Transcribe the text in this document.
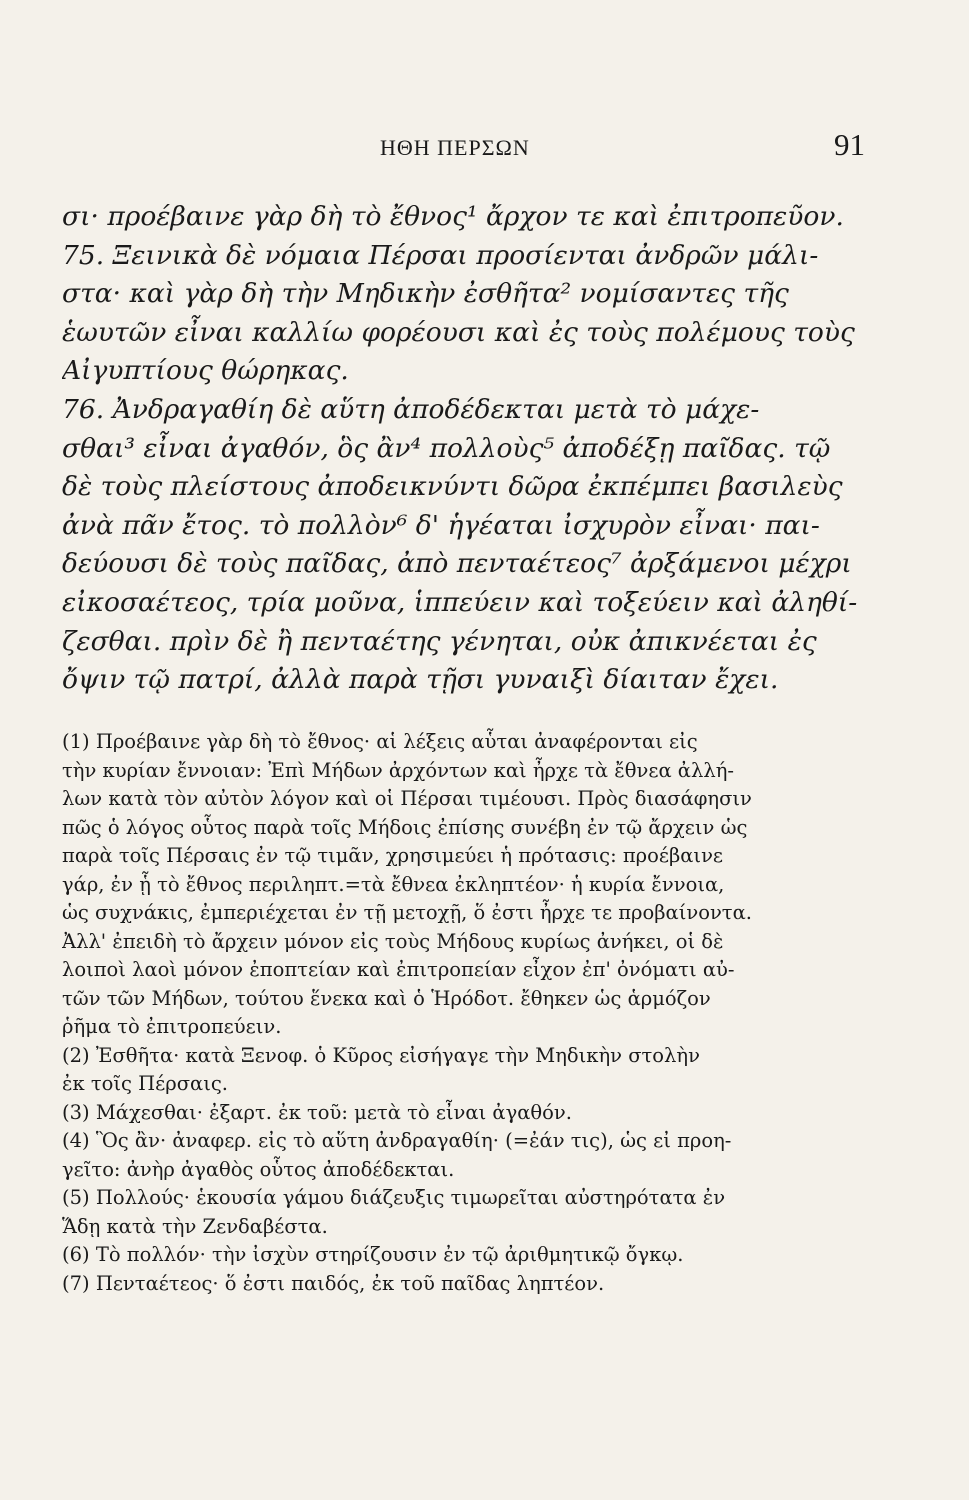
ΗΘΗ ΠΕΡΣΩΝ	91
σι· προέβαινε γὰρ δὴ τὸ ἔθνος¹ ἄρχον τε καὶ ἐπιτροπεῦον.
75. Ξεινικὰ δὲ νόμαια Πέρσαι προσίενται ἀνδρῶν μάλι-
στα· καὶ γὰρ δὴ τὴν Μηδικὴν ἐσθῆτα² νομίσαντες τῆς
ἑωυτῶν εἶναι καλλίω φορέουσι καὶ ἐς τοὺς πολέμους τοὺς
Αἰγυπτίους θώρηκας.
76. Ἀνδραγαθίη δὲ αὕτη ἀποδέδεκται μετὰ τὸ μάχε-
σθαι³ εἶναι ἀγαθόν, ὃς ἂν⁴ πολλοὺς⁵ ἀποδέξῃ παῖδας. τῷ
δὲ τοὺς πλείστους ἀποδεικνύντι δῶρα ἐκπέμπει βασιλεὺς
ἀνὰ πᾶν ἔτος. τὸ πολλὸν⁶ δ' ἡγέαται ἰσχυρὸν εἶναι· παι-
δεύουσι δὲ τοὺς παῖδας, ἀπὸ πενταέτεος⁷ ἀρξάμενοι μέχρι
εἰκοσαέτεος, τρία μοῦνα, ἱππεύειν καὶ τοξεύειν καὶ ἀληθί-
ζεσθαι. πρὶν δὲ ἢ πενταέτης γένηται, οὐκ ἀπικνέεται ἐς
ὄψιν τῷ πατρί, ἀλλὰ παρὰ τῇσι γυναιξὶ δίαιταν ἔχει.
(1) Προέβαινε γὰρ δὴ τὸ ἔθνος· αἱ λέξεις αὗται ἀναφέρονται εἰς
τὴν κυρίαν ἔννοιαν: Ἐπὶ Μήδων ἀρχόντων καὶ ἦρχε τὰ ἔθνεα ἀλλή-
λων κατὰ τὸν αὐτὸν λόγον καὶ οἱ Πέρσαι τιμέουσι. Πρὸς διασάφησιν
πῶς ὁ λόγος οὗτος παρὰ τοῖς Μήδοις ἐπίσης συνέβη ἐν τῷ ἄρχειν ὡς
παρὰ τοῖς Πέρσαις ἐν τῷ τιμᾶν, χρησιμεύει ἡ πρότασις: προέβαινε
γάρ, ἐν ᾗ τὸ ἔθνος περιληπτ.=τὰ ἔθνεα ἐκληπτέον· ἡ κυρία ἔννοια,
ὡς συχνάκις, ἐμπεριέχεται ἐν τῇ μετοχῇ, ὅ ἐστι ἦρχε τε προβαίνοντα.
Ἀλλ' ἐπειδὴ τὸ ἄρχειν μόνον εἰς τοὺς Μήδους κυρίως ἀνήκει, οἱ δὲ
λοιποὶ λαοὶ μόνον ἐποπτείαν καὶ ἐπιτροπείαν εἶχον ἐπ' ὀνόματι αὐ-
τῶν τῶν Μήδων, τούτου ἕνεκα καὶ ὁ Ἡρόδοτ. ἔθηκεν ὡς ἁρμόζον
ῥῆμα τὸ ἐπιτροπεύειν.
(2) Ἐσθῆτα· κατὰ Ξενοφ. ὁ Κῦρος εἰσήγαγε τὴν Μηδικὴν στολὴν
ἐκ τοῖς Πέρσαις.
(3) Μάχεσθαι· ἐξαρτ. ἐκ τοῦ: μετὰ τὸ εἶναι ἀγαθόν.
(4) Ὃς ἂν· ἀναφερ. εἰς τὸ αὕτη ἀνδραγαθίη· (=ἐάν τις), ὡς εἰ προη-
γεῖτο: ἀνὴρ ἀγαθὸς οὗτος ἀποδέδεκται.
(5) Πολλούς· ἑκουσία γάμου διάζευξις τιμωρεῖται αὐστηρότατα ἐν
Ἅδῃ κατὰ τὴν Ζενδαβέστα.
(6) Τὸ πολλόν· τὴν ἰσχὺν στηρίζουσιν ἐν τῷ ἀριθμητικῷ ὄγκῳ.
(7) Πενταέτεος· ὅ ἐστι παιδός, ἐκ τοῦ παῖδας ληπτέον.
